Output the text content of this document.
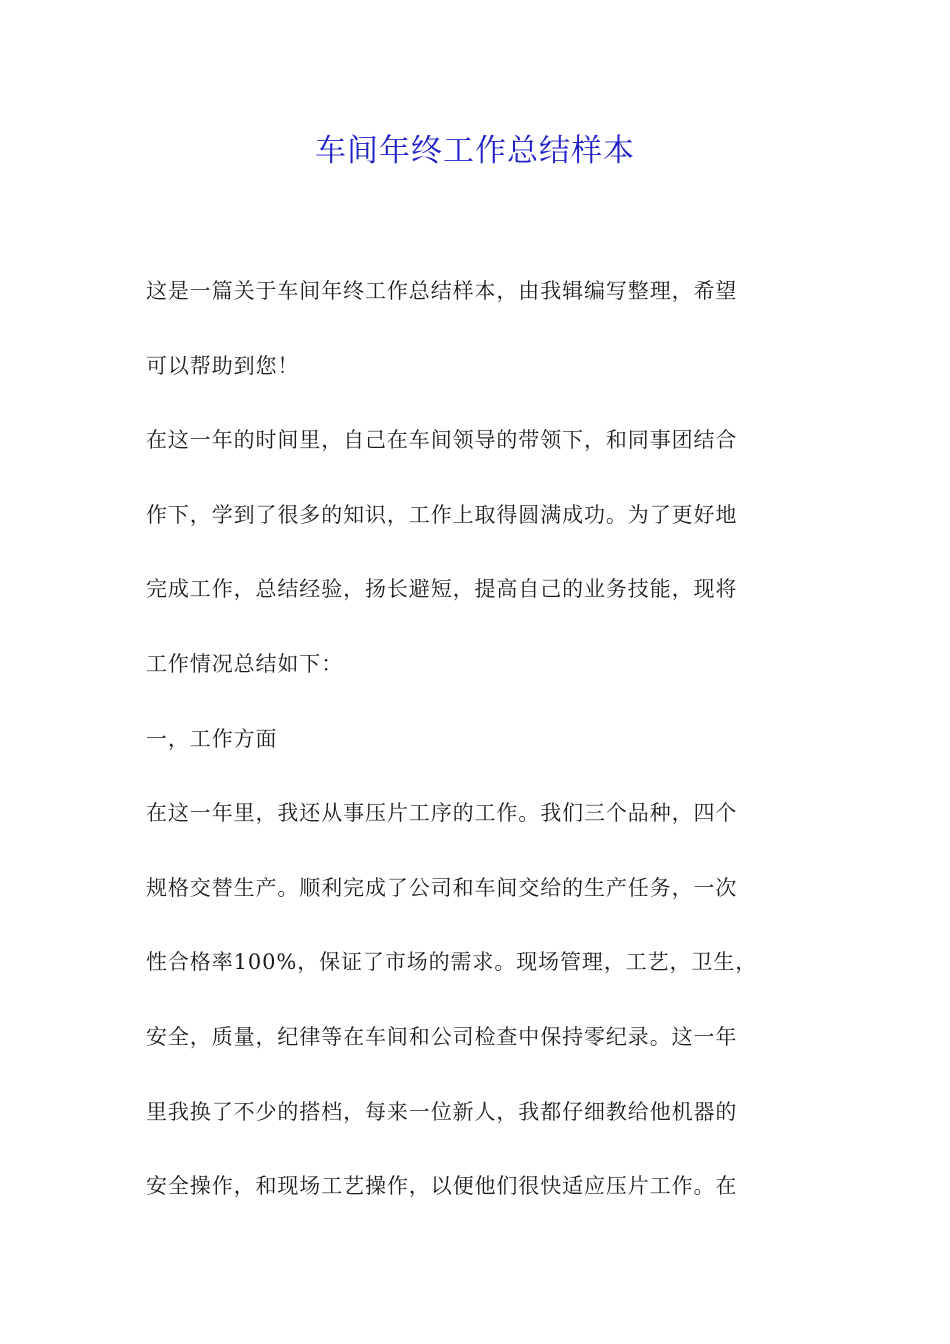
车间年终工作总结样本
这是一篇关于车间年终工作总结样本，由我辑编写整理，希望
可以帮助到您！
在这一年的时间里，自己在车间领导的带领下，和同事团结合
作下，学到了很多的知识，工作上取得圆满成功。为了更好地
完成工作，总结经验，扬长避短，提高自己的业务技能，现将
工作情况总结如下：
一，工作方面
在这一年里，我还从事压片工序的工作。我们三个品种，四个
规格交替生产。顺利完成了公司和车间交给的生产任务，一次
性合格率100%，保证了市场的需求。现场管理，工艺，卫生，
安全，质量，纪律等在车间和公司检查中保持零纪录。这一年
里我换了不少的搭档，每来一位新人，我都仔细教给他机器的
安全操作，和现场工艺操作，以便他们很快适应压片工作。在
